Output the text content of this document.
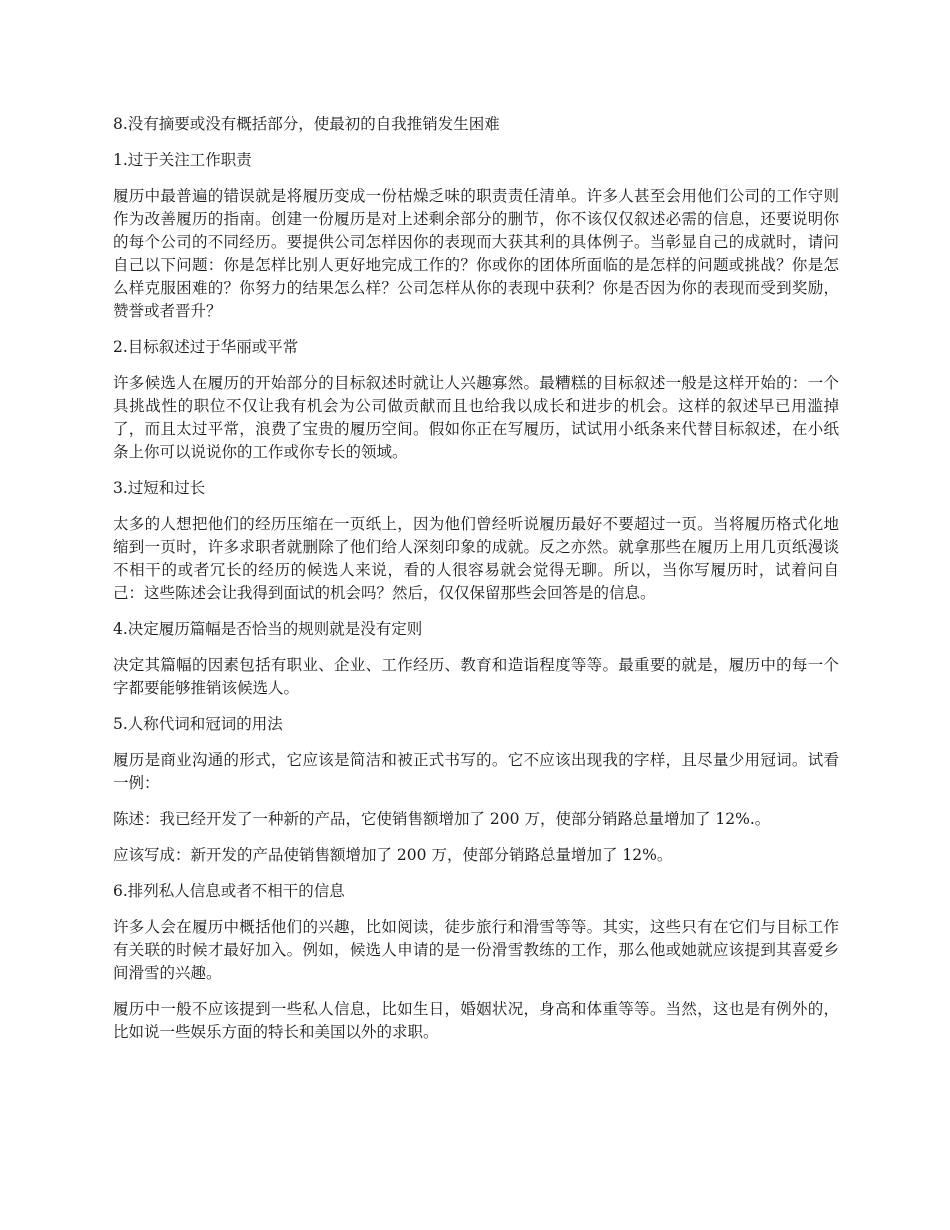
8.没有摘要或没有概括部分，使最初的自我推销发生困难

1.过于关注工作职责

履历中最普遍的错误就是将履历变成一份枯燥乏味的职责责任清单。许多人甚至会用他们公司的工作守则作为改善履历的指南。创建一份履历是对上述剩余部分的删节，你不该仅仅叙述必需的信息，还要说明你的每个公司的不同经历。要提供公司怎样因你的表现而大获其利的具体例子。当彰显自己的成就时，请问自己以下问题：你是怎样比别人更好地完成工作的？你或你的团体所面临的是怎样的问题或挑战？你是怎么样克服困难的？你努力的结果怎么样？公司怎样从你的表现中获利？你是否因为你的表现而受到奖励，赞誉或者晋升？

2.目标叙述过于华丽或平常

许多候选人在履历的开始部分的目标叙述时就让人兴趣寡然。最糟糕的目标叙述一般是这样开始的：一个具挑战性的职位不仅让我有机会为公司做贡献而且也给我以成长和进步的机会。这样的叙述早已用滥掉了，而且太过平常，浪费了宝贵的履历空间。假如你正在写履历，试试用小纸条来代替目标叙述，在小纸条上你可以说说你的工作或你专长的领域。

3.过短和过长

太多的人想把他们的经历压缩在一页纸上，因为他们曾经听说履历最好不要超过一页。当将履历格式化地缩到一页时，许多求职者就删除了他们给人深刻印象的成就。反之亦然。就拿那些在履历上用几页纸漫谈不相干的或者冗长的经历的候选人来说，看的人很容易就会觉得无聊。所以，当你写履历时，试着问自己：这些陈述会让我得到面试的机会吗？然后，仅仅保留那些会回答是的信息。

4.决定履历篇幅是否恰当的规则就是没有定则

决定其篇幅的因素包括有职业、企业、工作经历、教育和造诣程度等等。最重要的就是，履历中的每一个字都要能够推销该候选人。

5.人称代词和冠词的用法

履历是商业沟通的形式，它应该是简洁和被正式书写的。它不应该出现我的字样，且尽量少用冠词。试看一例：

陈述：我已经开发了一种新的产品，它使销售额增加了 200 万，使部分销路总量增加了 12%.。

应该写成：新开发的产品使销售额增加了 200 万，使部分销路总量增加了 12%。

6.排列私人信息或者不相干的信息

许多人会在履历中概括他们的兴趣，比如阅读，徒步旅行和滑雪等等。其实，这些只有在它们与目标工作有关联的时候才最好加入。例如，候选人申请的是一份滑雪教练的工作，那么他或她就应该提到其喜爱乡间滑雪的兴趣。

履历中一般不应该提到一些私人信息，比如生日，婚姻状况，身高和体重等等。当然，这也是有例外的，比如说一些娱乐方面的特长和美国以外的求职。
